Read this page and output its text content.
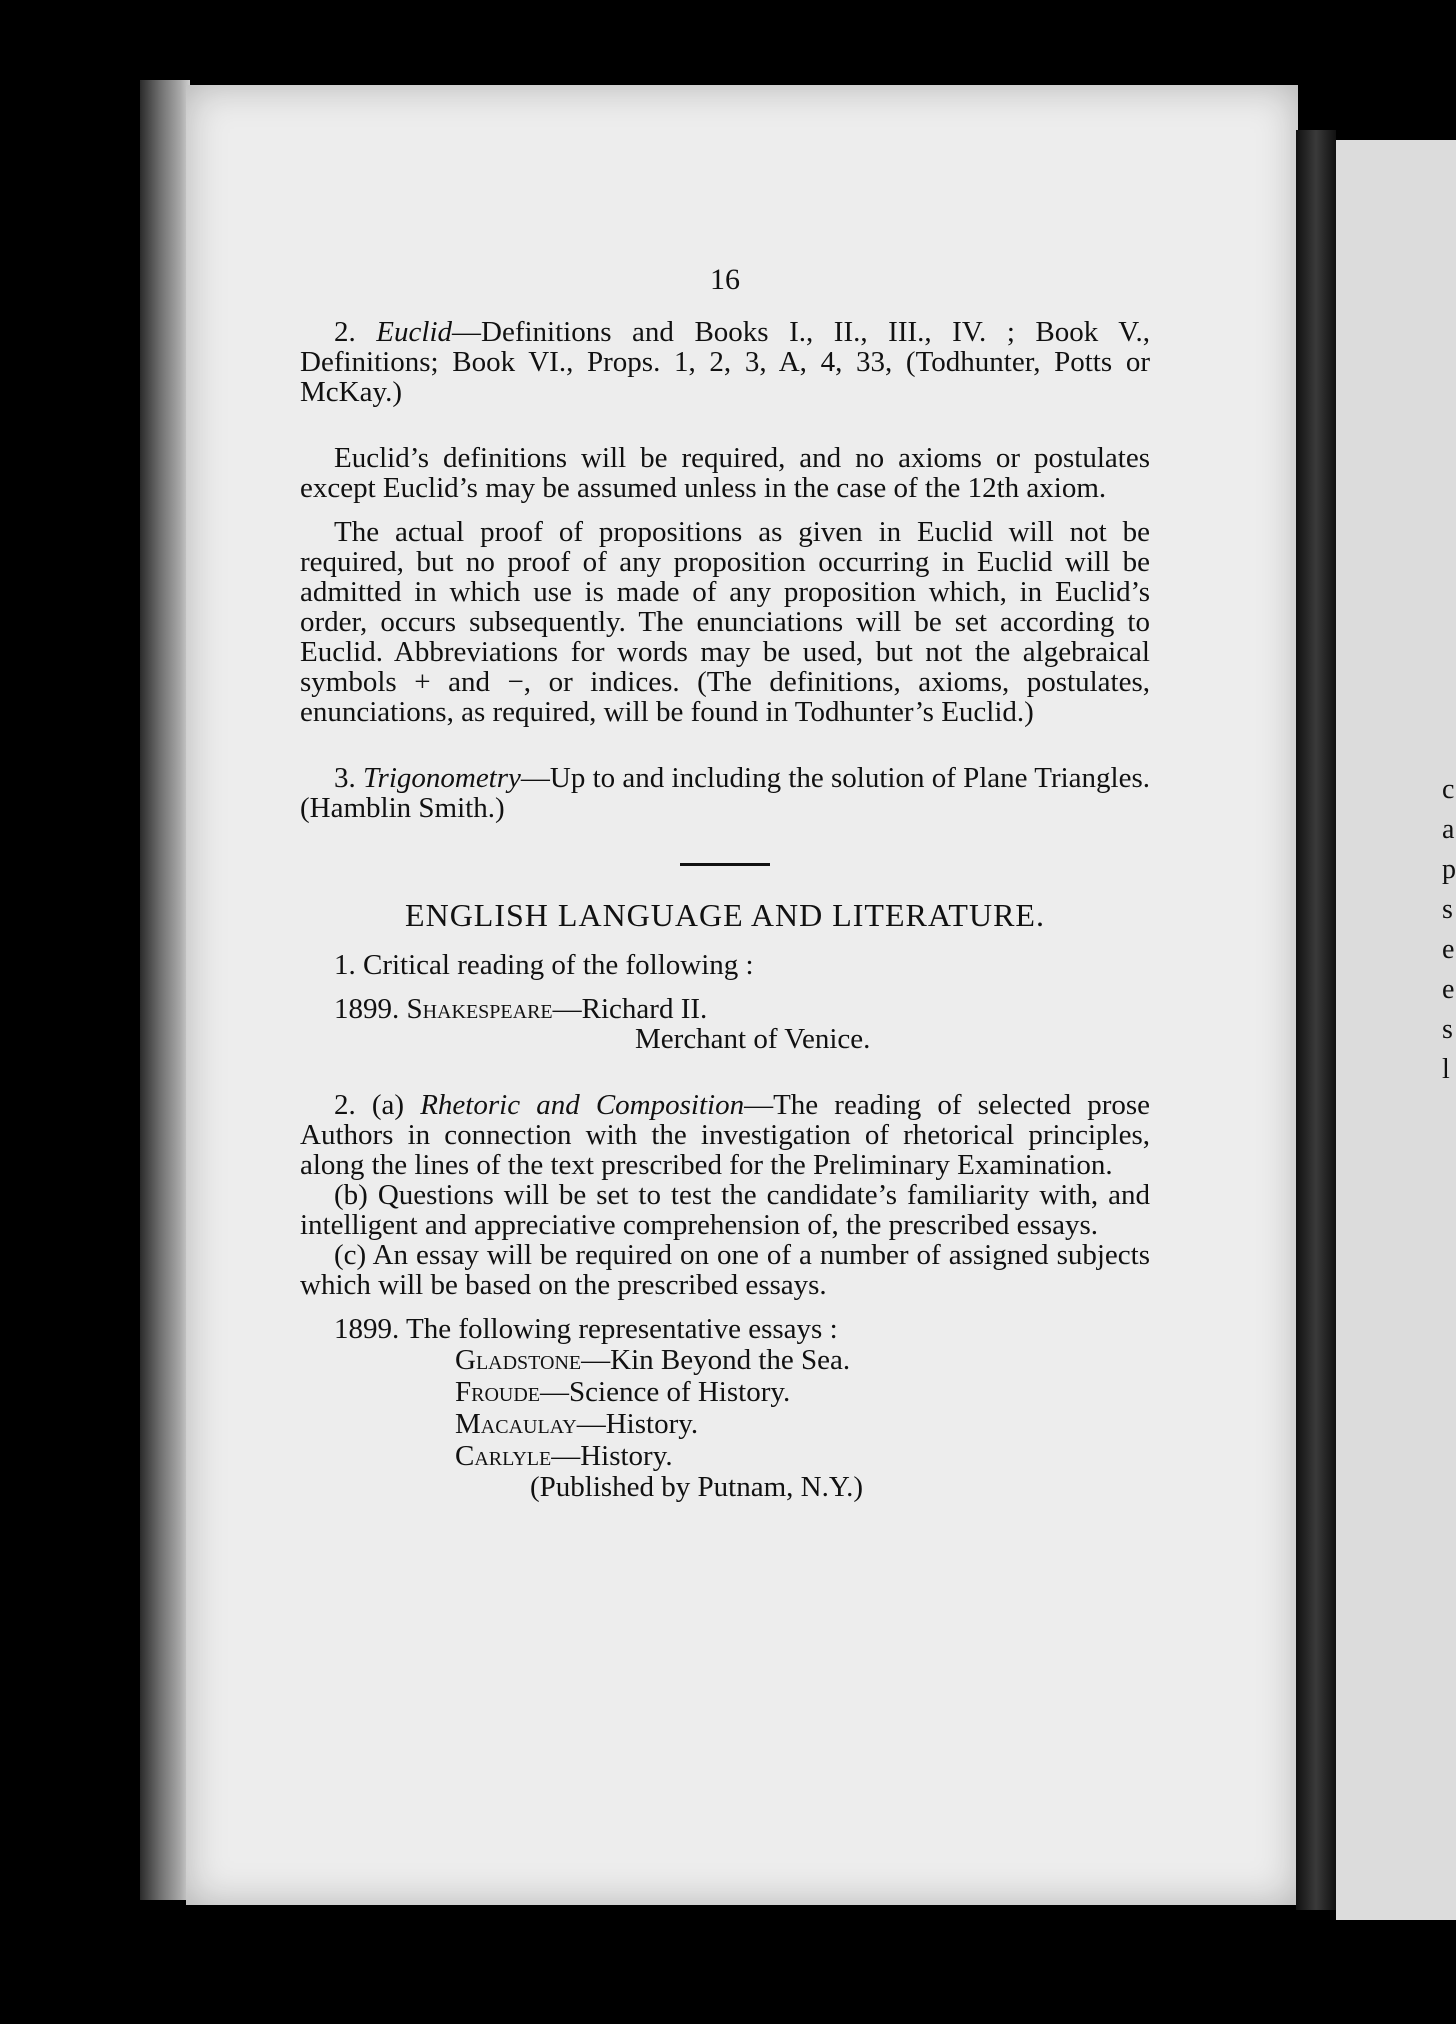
c
a
p
s
e
e
s
l
16

2. Euclid—Definitions and Books I., II., III., IV. ; Book V., Definitions; Book VI., Props. 1, 2, 3, A, 4, 33, (Todhunter, Potts or McKay.)

Euclid’s definitions will be required, and no axioms or postulates except Euclid’s may be assumed unless in the case of the 12th axiom.

The actual proof of propositions as given in Euclid will not be required, but no proof of any proposition occurring in Euclid will be admitted in which use is made of any proposition which, in Euclid’s order, occurs subsequently. The enunciations will be set according to Euclid. Abbreviations for words may be used, but not the algebraical symbols + and −, or indices. (The definitions, axioms, postulates, enunciations, as required, will be found in Todhunter’s Euclid.)

3. Trigonometry—Up to and including the solution of Plane Triangles. (Hamblin Smith.)

ENGLISH LANGUAGE AND LITERATURE.

1. Critical reading of the following :

1899. Shakespeare—Richard II.

Merchant of Venice.

2. (a) Rhetoric and Composition—The reading of selected prose Authors in connection with the investigation of rhetorical principles, along the lines of the text prescribed for the Preliminary Examination.

(b) Questions will be set to test the candidate’s familiarity with, and intelligent and appreciative comprehension of, the prescribed essays.

(c) An essay will be required on one of a number of assigned subjects which will be based on the prescribed essays.

1899. The following representative essays :

Gladstone—Kin Beyond the Sea.
Froude—Science of History.
Macaulay—History.
Carlyle—History.

(Published by Putnam, N.Y.)
